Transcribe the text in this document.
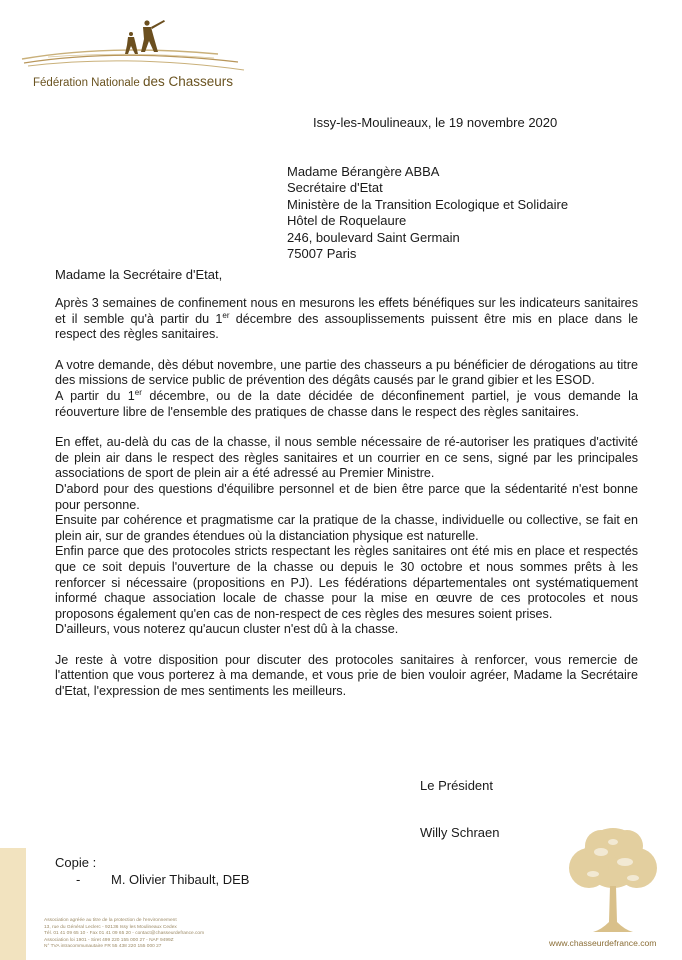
Fédération Nationale des Chasseurs
Issy-les-Moulineaux, le 19 novembre 2020
Madame Bérangère ABBA
Secrétaire d'Etat
Ministère de la Transition Ecologique et Solidaire
Hôtel de Roquelaure
246, boulevard Saint Germain
75007 Paris
Madame la Secrétaire d'Etat,

Après 3 semaines de confinement nous en mesurons les effets bénéfiques sur les indicateurs sanitaires et il semble qu'à partir du 1er décembre des assouplissements puissent être mis en place dans le respect des règles sanitaires.

A votre demande, dès début novembre, une partie des chasseurs a pu bénéficier de dérogations au titre des missions de service public de prévention des dégâts causés par le grand gibier et les ESOD.

A partir du 1er décembre, ou de la date décidée de déconfinement partiel, je vous demande la réouverture libre de l'ensemble des pratiques de chasse dans le respect des règles sanitaires.

En effet, au-delà du cas de la chasse, il nous semble nécessaire de ré-autoriser les pratiques d'activité de plein air dans le respect des règles sanitaires et un courrier en ce sens, signé par les principales associations de sport de plein air a été adressé au Premier Ministre.

D'abord pour des questions d'équilibre personnel et de bien être parce que la sédentarité n'est bonne pour personne.

Ensuite par cohérence et pragmatisme car la pratique de la chasse, individuelle ou collective, se fait en plein air, sur de grandes étendues où la distanciation physique est naturelle.

Enfin parce que des protocoles stricts respectant les règles sanitaires ont été mis en place et respectés que ce soit depuis l'ouverture de la chasse ou depuis le 30 octobre et nous sommes prêts à les renforcer si nécessaire (propositions en PJ). Les fédérations départementales ont systématiquement informé chaque association locale de chasse pour la mise en œuvre de ces protocoles et nous proposons également qu'en cas de non-respect de ces règles des mesures soient prises.

D'ailleurs, vous noterez qu'aucun cluster n'est dû à la chasse.

Je reste à votre disposition pour discuter des protocoles sanitaires à renforcer, vous remercie de l'attention que vous porterez à ma demande, et vous prie de bien vouloir agréer, Madame la Secrétaire d'Etat, l'expression de mes sentiments les meilleurs.

Le Président
Willy Schraen
Copie :
- M. Olivier Thibault, DEB
Association agréée au titre de la protection de l'environnement
13, rue du Général Leclerc - 92136 Issy les Moulineaux Cedex
Tél. 01 41 09 65 10 - Fax 01 41 09 65 20 - contact@chasseurdefrance.com
Association loi 1901 - Siret 499 220 155 000 27 - NAF 9499Z
N° TVA intracommunautaire FR 55 438 220 155 000 27	www.chasseurdefrance.com
